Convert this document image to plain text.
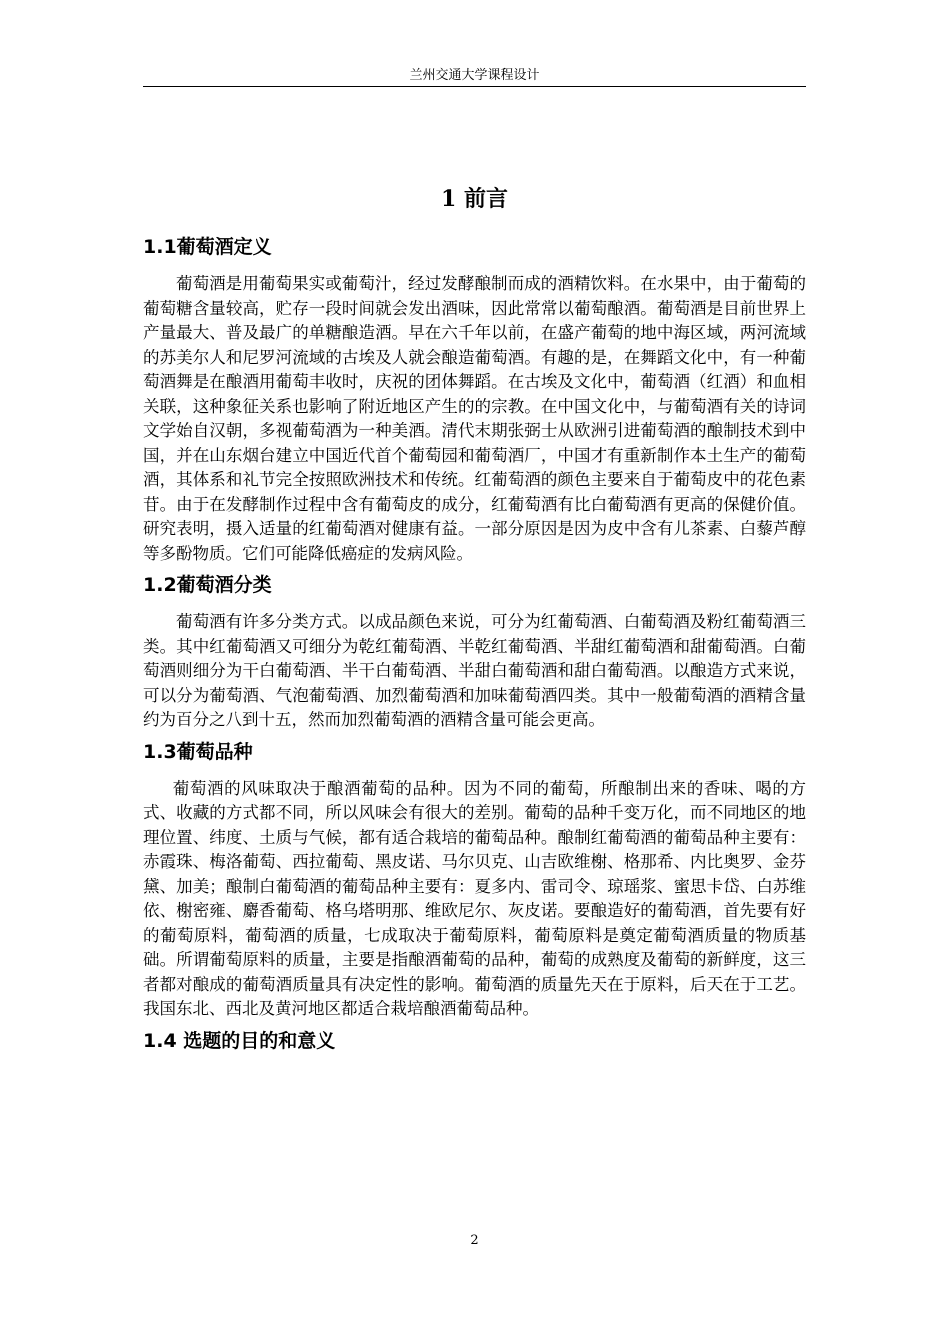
兰州交通大学课程设计
1 前言
1.1葡萄酒定义

葡萄酒是用葡萄果实或葡萄汁，经过发酵酿制而成的酒精饮料。在水果中，由于葡萄的葡萄糖含量较高，贮存一段时间就会发出酒味，因此常常以葡萄酿酒。葡萄酒是目前世界上产量最大、普及最广的单糖酿造酒。早在六千年以前，在盛产葡萄的地中海区域，两河流域的苏美尔人和尼罗河流域的古埃及人就会酿造葡萄酒。有趣的是，在舞蹈文化中，有一种葡萄酒舞是在酿酒用葡萄丰收时，庆祝的团体舞蹈。在古埃及文化中，葡萄酒（红酒）和血相关联，这种象征关系也影响了附近地区产生的的宗教。在中国文化中，与葡萄酒有关的诗词文学始自汉朝，多视葡萄酒为一种美酒。清代末期张弼士从欧洲引进葡萄酒的酿制技术到中国，并在山东烟台建立中国近代首个葡萄园和葡萄酒厂，中国才有重新制作本土生产的葡萄酒，其体系和礼节完全按照欧洲技术和传统。红葡萄酒的颜色主要来自于葡萄皮中的花色素苷。由于在发酵制作过程中含有葡萄皮的成分，红葡萄酒有比白葡萄酒有更高的保健价值。 研究表明，摄入适量的红葡萄酒对健康有益。一部分原因是因为皮中含有儿茶素、白藜芦醇等多酚物质。它们可能降低癌症的发病风险。

1.2葡萄酒分类

葡萄酒有许多分类方式。以成品颜色来说，可分为红葡萄酒、白葡萄酒及粉红葡萄酒三类。其中红葡萄酒又可细分为乾红葡萄酒、半乾红葡萄酒、半甜红葡萄酒和甜葡萄酒。白葡萄酒则细分为干白葡萄酒、半干白葡萄酒、半甜白葡萄酒和甜白葡萄酒。以酿造方式来说，可以分为葡萄酒、气泡葡萄酒、加烈葡萄酒和加味葡萄酒四类。其中一般葡萄酒的酒精含量约为百分之八到十五，然而加烈葡萄酒的酒精含量可能会更高。

1.3葡萄品种

葡萄酒的风味取决于酿酒葡萄的品种。因为不同的葡萄，所酿制出来的香味、喝的方式、收藏的方式都不同，所以风味会有很大的差别。葡萄的品种千变万化，而不同地区的地理位置、纬度、土质与气候，都有适合栽培的葡萄品种。酿制红葡萄酒的葡萄品种主要有：赤霞珠、梅洛葡萄、西拉葡萄、黑皮诺、马尔贝克、山吉欧维榭、格那希、内比奥罗、金芬黛、加美；酿制白葡萄酒的葡萄品种主要有：夏多内、雷司令、琼瑶浆、蜜思卡岱、白苏维依、榭密雍、麝香葡萄、格乌塔明那、维欧尼尔、灰皮诺。要酿造好的葡萄酒，首先要有好的葡萄原料，葡萄酒的质量，七成取决于葡萄原料，葡萄原料是奠定葡萄酒质量的物质基础。所谓葡萄原料的质量，主要是指酿酒葡萄的品种，葡萄的成熟度及葡萄的新鲜度，这三者都对酿成的葡萄酒质量具有决定性的影响。葡萄酒的质量先天在于原料，后天在于工艺。我国东北、西北及黄河地区都适合栽培酿酒葡萄品种。

1.4 选题的目的和意义
2
